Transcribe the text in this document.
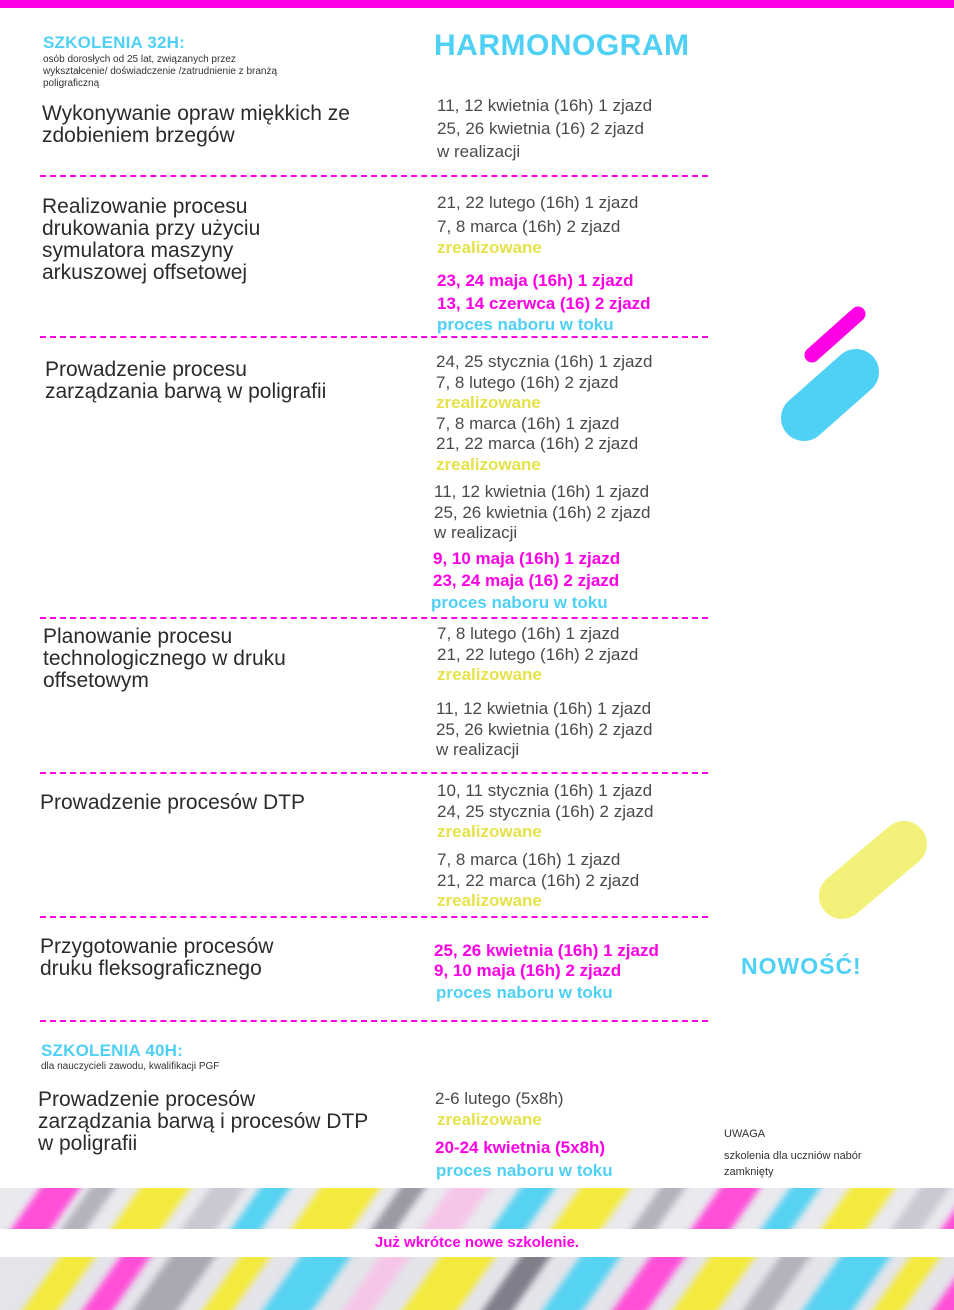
SZKOLENIA 32H:
osób dorosłych od 25 lat, związanych przez
wykształcenie/ doświadczenie /zatrudnienie z branżą
poligraficzną
HARMONOGRAM
Wykonywanie opraw miękkich ze
zdobieniem brzegów
11, 12 kwietnia (16h) 1 zjazd
25, 26 kwietnia (16) 2 zjazd
w realizacji
Realizowanie procesu
drukowania przy użyciu
symulatora maszyny
arkuszowej offsetowej
21, 22 lutego (16h) 1 zjazd
7, 8 marca (16h) 2 zjazd
zrealizowane
23, 24 maja (16h) 1 zjazd
13, 14 czerwca (16) 2 zjazd
proces naboru w toku
Prowadzenie procesu
zarządzania barwą w poligrafii
24, 25 stycznia (16h) 1 zjazd
7, 8 lutego (16h) 2 zjazd
zrealizowane
7, 8 marca (16h) 1 zjazd
21, 22 marca (16h) 2 zjazd
zrealizowane
11, 12 kwietnia (16h) 1 zjazd
25, 26 kwietnia (16h) 2 zjazd
w realizacji
9, 10 maja (16h) 1 zjazd
23, 24 maja (16) 2 zjazd
proces naboru w toku
Planowanie procesu
technologicznego w druku
offsetowym
7, 8 lutego (16h) 1 zjazd
21, 22 lutego (16h) 2 zjazd
zrealizowane
11, 12 kwietnia (16h) 1 zjazd
25, 26 kwietnia (16h) 2 zjazd
w realizacji
Prowadzenie procesów DTP
10, 11 stycznia (16h) 1 zjazd
24, 25 stycznia (16h) 2 zjazd
zrealizowane
7, 8 marca (16h) 1 zjazd
21, 22 marca (16h) 2 zjazd
zrealizowane
Przygotowanie procesów
druku fleksograficznego
25, 26 kwietnia (16h) 1 zjazd
9, 10 maja (16h) 2 zjazd
proces naboru w toku
NOWOŚĆ!
SZKOLENIA 40H:
dla nauczycieli zawodu, kwalifikacji PGF
Prowadzenie procesów
zarządzania barwą i procesów DTP
w poligrafii
2-6 lutego (5x8h)
zrealizowane
20-24 kwietnia (5x8h)
proces naboru w toku
UWAGA
szkolenia dla uczniów nabór
zamknięty
Już wkrótce nowe szkolenie.
